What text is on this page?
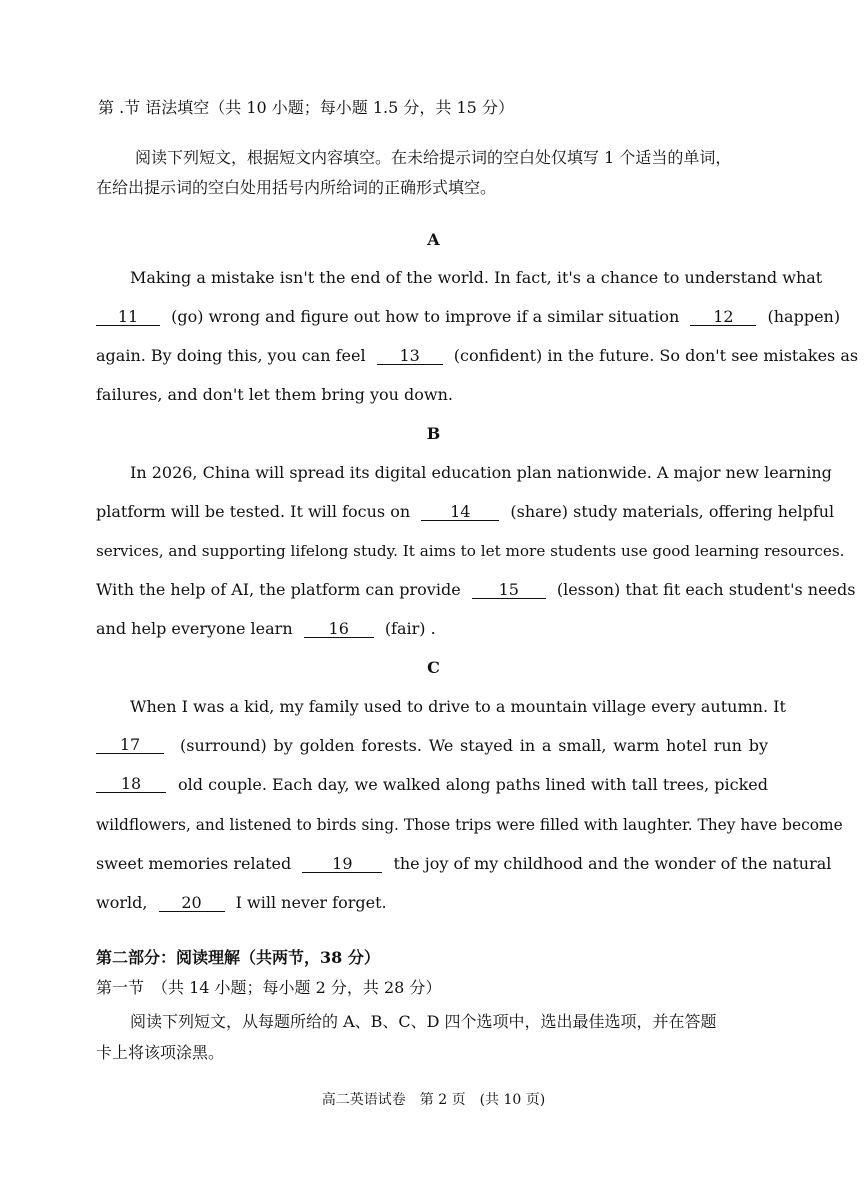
第 .节 语法填空（共 10 小题；每小题 1.5 分，共 15 分）
阅读下列短文，根据短文内容填空。在未给提示词的空白处仅填写 1 个适当的单词，
在给出提示词的空白处用括号内所给词的正确形式填空。
A
Making a mistake isn't the end of the world. In fact, it's a chance to understand what
11 (go) wrong and figure out how to improve if a similar situation 12 (happen)
again. By doing this, you can feel 13 (confident) in the future. So don't see mistakes as
failures, and don't let them bring you down.
B
In 2026, China will spread its digital education plan nationwide. A major new learning
platform will be tested. It will focus on 14 (share) study materials, offering helpful
services, and supporting lifelong study. It aims to let more students use good learning resources.
With the help of AI, the platform can provide 15 (lesson) that fit each student's needs
and help everyone learn 16 (fair) .
C
When I was a kid, my family used to drive to a mountain village every autumn. It
17	(surround) by golden forests. We stayed in a small, warm hotel run by
18	old couple. Each day, we walked along paths lined with tall trees, picked
wildflowers, and listened to birds sing. Those trips were filled with laughter. They have become
sweet memories related	19	the joy of my childhood and the wonder of the natural
world, 20 I will never forget.
第二部分：阅读理解（共两节，38 分）
第一节　（共 14 小题；每小题 2 分，共 28 分）
阅读下列短文，从每题所给的 A、B、C、D 四个选项中，选出最佳选项，并在答题
卡上将该项涂黑。
高二英语试卷　第 2 页　(共 10 页)
